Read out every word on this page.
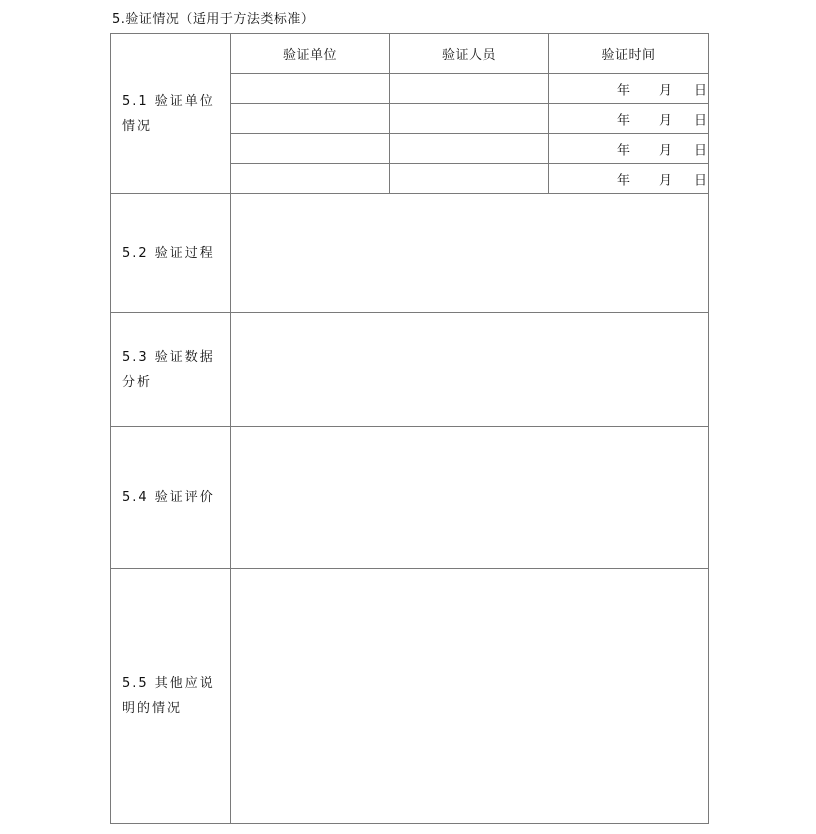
5.验证情况（适用于方法类标准）
5.1 验证单位情况	验证单位	验证人员	验证时间

			年 月 日

			年 月 日

			年 月 日

			年 月 日

5.2 验证过程			
5.3 验证数据分析			
5.4 验证评价			
5.5 其他应说明的情况			
